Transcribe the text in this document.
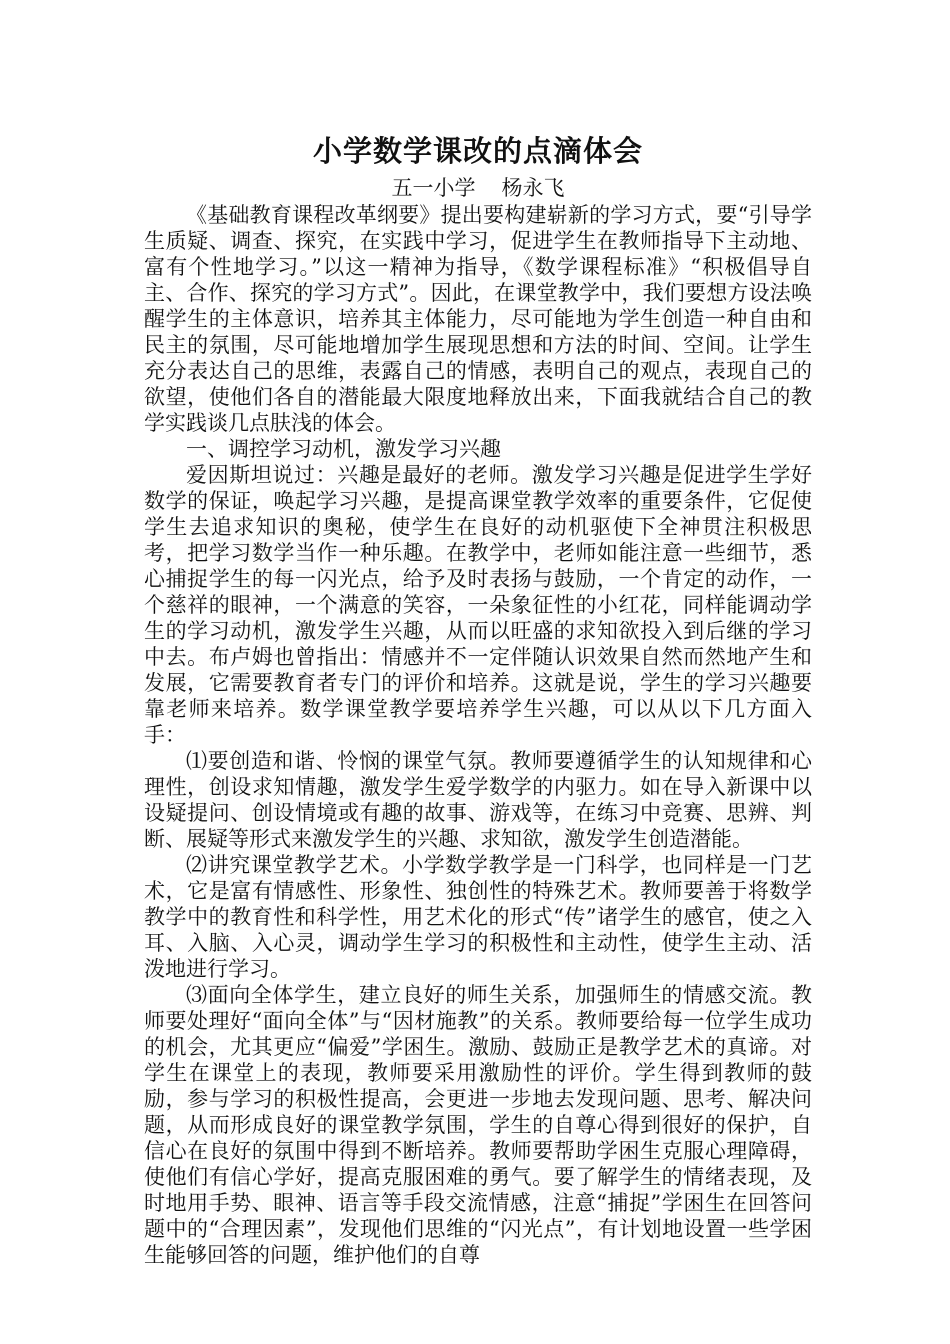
小学数学课改的点滴体会
五一小学 杨永飞

《基础教育课程改革纲要》提出要构建崭新的学习方式，要“引导学生质疑、调查、探究，在实践中学习，促进学生在教师指导下主动地、富有个性地学习。”以这一精神为指导，《数学课程标准》“积极倡导自主、合作、探究的学习方式”。因此，在课堂教学中，我们要想方设法唤醒学生的主体意识，培养其主体能力，尽可能地为学生创造一种自由和民主的氛围，尽可能地增加学生展现思想和方法的时间、空间。让学生充分表达自己的思维，表露自己的情感，表明自己的观点，表现自己的欲望，使他们各自的潜能最大限度地释放出来，下面我就结合自己的教学实践谈几点肤浅的体会。

一、调控学习动机，激发学习兴趣

爱因斯坦说过：兴趣是最好的老师。激发学习兴趣是促进学生学好数学的保证，唤起学习兴趣，是提高课堂教学效率的重要条件，它促使学生去追求知识的奥秘，使学生在良好的动机驱使下全神贯注积极思考，把学习数学当作一种乐趣。在教学中，老师如能注意一些细节，悉心捕捉学生的每一闪光点，给予及时表扬与鼓励，一个肯定的动作，一个慈祥的眼神，一个满意的笑容，一朵象征性的小红花，同样能调动学生的学习动机，激发学生兴趣，从而以旺盛的求知欲投入到后继的学习中去。布卢姆也曾指出：情感并不一定伴随认识效果自然而然地产生和发展，它需要教育者专门的评价和培养。这就是说，学生的学习兴趣要靠老师来培养。数学课堂教学要培养学生兴趣，可以从以下几方面入手：

⑴要创造和谐、怜悯的课堂气氛。教师要遵循学生的认知规律和心理性，创设求知情趣，激发学生爱学数学的内驱力。如在导入新课中以设疑提问、创设情境或有趣的故事、游戏等，在练习中竞赛、思辨、判断、展疑等形式来激发学生的兴趣、求知欲，激发学生创造潜能。

⑵讲究课堂教学艺术。小学数学教学是一门科学，也同样是一门艺术，它是富有情感性、形象性、独创性的特殊艺术。教师要善于将数学教学中的教育性和科学性，用艺术化的形式“传”诸学生的感官，使之入耳、入脑、入心灵，调动学生学习的积极性和主动性，使学生主动、活泼地进行学习。

⑶面向全体学生，建立良好的师生关系，加强师生的情感交流。教师要处理好“面向全体”与“因材施教”的关系。教师要给每一位学生成功的机会，尤其更应“偏爱”学困生。激励、鼓励正是教学艺术的真谛。对学生在课堂上的表现，教师要采用激励性的评价。学生得到教师的鼓励，参与学习的积极性提高，会更进一步地去发现问题、思考、解决问题，从而形成良好的课堂教学氛围，学生的自尊心得到很好的保护，自信心在良好的氛围中得到不断培养。教师要帮助学困生克服心理障碍，使他们有信心学好，提高克服困难的勇气。要了解学生的情绪表现，及时地用手势、眼神、语言等手段交流情感，注意“捕捉”学困生在回答问题中的“合理因素”，发现他们思维的“闪光点”，有计划地设置一些学困生能够回答的问题，维护他们的自尊
